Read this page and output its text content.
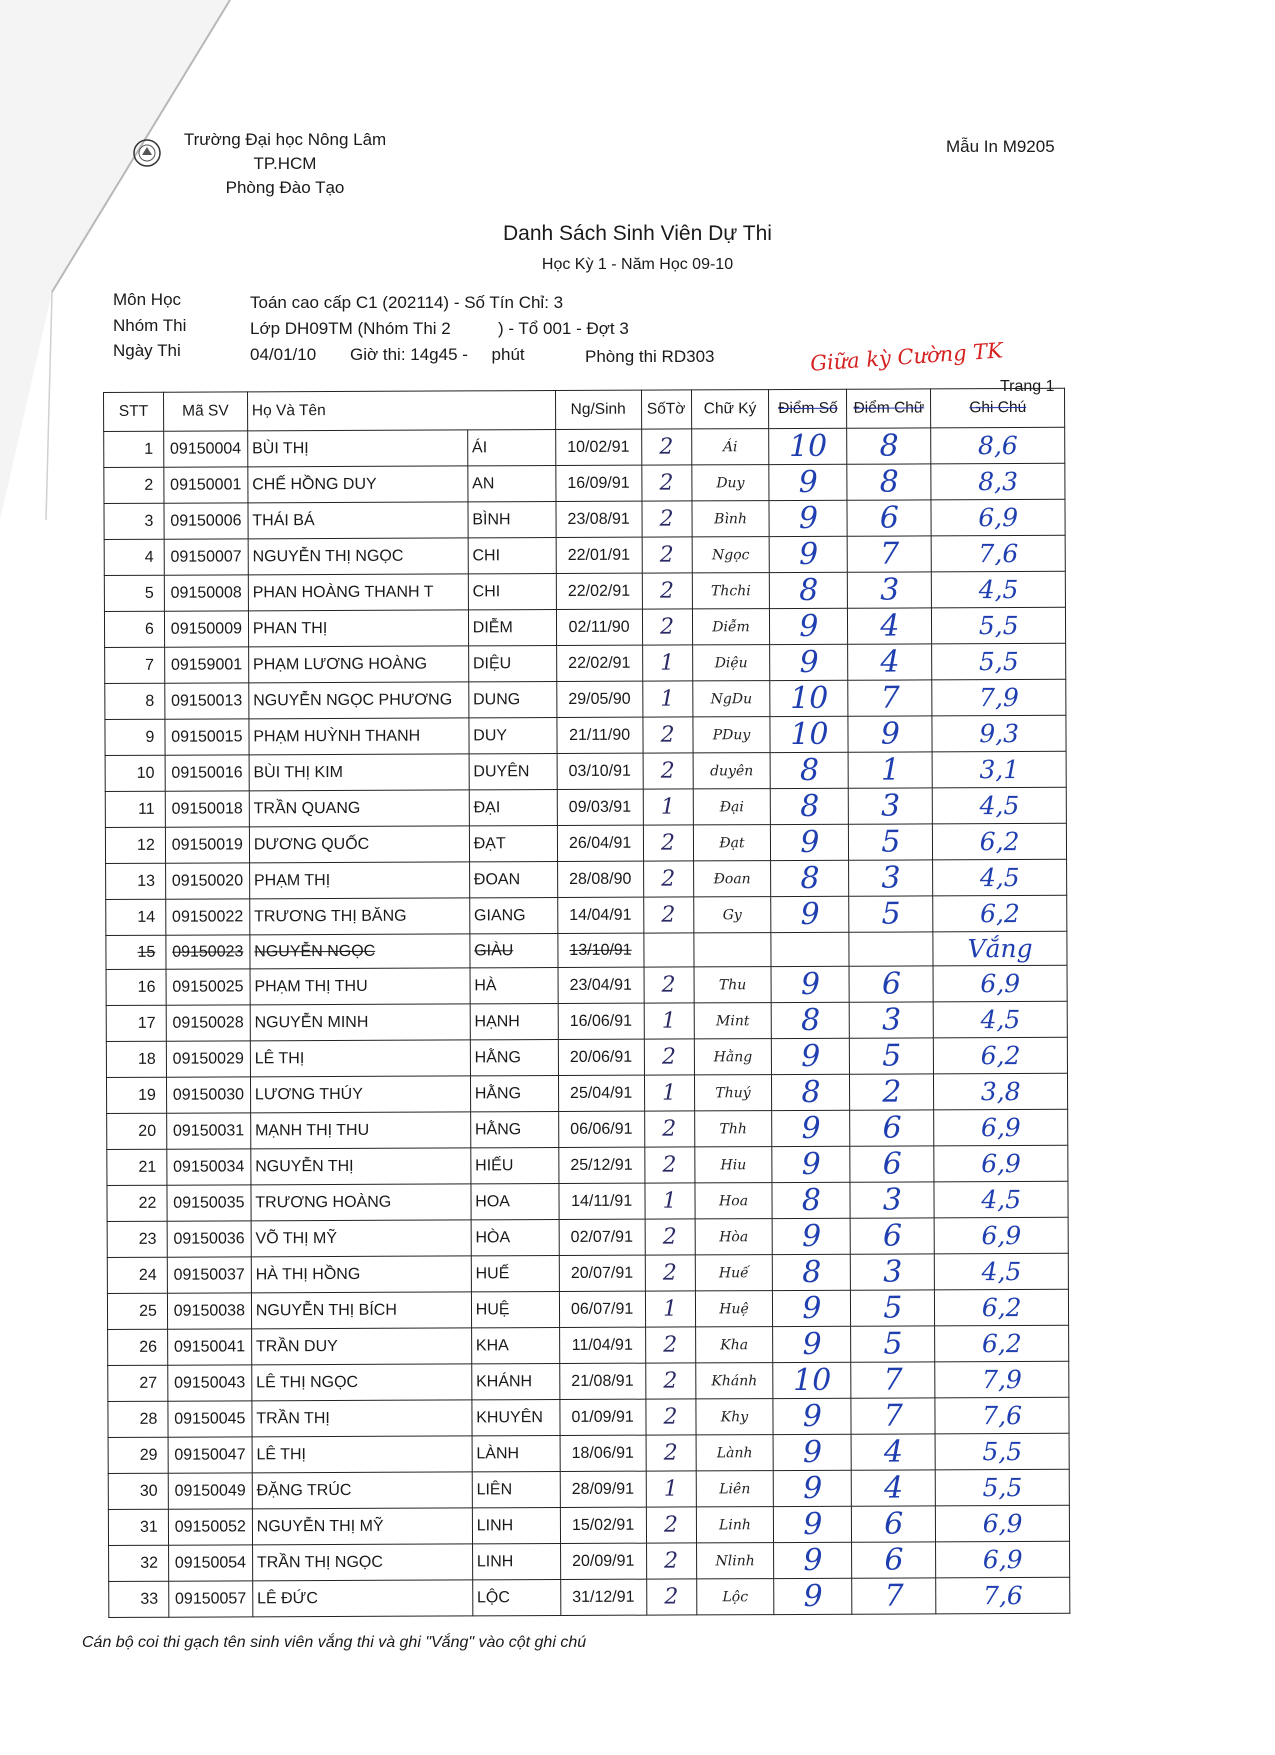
Trường Đại học Nông Lâm
TP.HCM
Phòng Đào Tạo
Mẫu In M9205
Danh Sách Sinh Viên Dự Thi
Học Kỳ 1 - Năm Học 09-10
Môn Học	Toán cao cấp C1 (202114) - Số Tín Chỉ: 3
Nhóm Thi	Lớp DH09TM (Nhóm Thi 2          ) - Tổ 001 - Đợt 3
Ngày Thi	04/01/10 Giờ thi: 14g45 -     phút	Phòng thi RD303	Giữa kỳ Cường TK
Trang 1
STT	Mã SV	Họ Và Tên		Ng/Sinh	SốTờ	Chữ Ký	Điểm Số	Điểm Chữ	Ghi Chú
1	09150004	BÙI THỊ	ÁI	10/02/91	2	Ái	10	8	8,6
2	09150001	CHẾ HỒNG DUY	AN	16/09/91	2	Duy	9	8	8,3
3	09150006	THÁI BÁ	BÌNH	23/08/91	2	Bình	9	6	6,9
4	09150007	NGUYỄN THỊ NGỌC	CHI	22/01/91	2	Ngọc	9	7	7,6
5	09150008	PHAN HOÀNG THANH T	CHI	22/02/91	2	Thchi	8	3	4,5
6	09150009	PHAN THỊ	DIỄM	02/11/90	2	Diễm	9	4	5,5
7	09159001	PHẠM LƯƠNG HOÀNG	DIỆU	22/02/91	1	Diệu	9	4	5,5
8	09150013	NGUYỄN NGỌC PHƯƠNG	DUNG	29/05/90	1	NgDu	10	7	7,9
9	09150015	PHẠM HUỲNH THANH	DUY	21/11/90	2	PDuy	10	9	9,3
10	09150016	BÙI THỊ KIM	DUYÊN	03/10/91	2	duyên	8	1	3,1
11	09150018	TRẦN QUANG	ĐẠI	09/03/91	1	Đại	8	3	4,5
12	09150019	DƯƠNG QUỐC	ĐẠT	26/04/91	2	Đạt	9	5	6,2
13	09150020	PHẠM THỊ	ĐOAN	28/08/90	2	Đoan	8	3	4,5
14	09150022	TRƯƠNG THỊ BĂNG	GIANG	14/04/91	2	Gy	9	5	6,2
15	09150023	NGUYỄN NGỌC	GIÀU	13/10/91					Vắng
16	09150025	PHẠM THỊ THU	HÀ	23/04/91	2	Thu	9	6	6,9
17	09150028	NGUYỄN MINH	HẠNH	16/06/91	1	Mint	8	3	4,5
18	09150029	LÊ THỊ	HẰNG	20/06/91	2	Hằng	9	5	6,2
19	09150030	LƯƠNG THÚY	HẰNG	25/04/91	1	Thuý	8	2	3,8
20	09150031	MẠNH THỊ THU	HẰNG	06/06/91	2	Thh	9	6	6,9
21	09150034	NGUYỄN THỊ	HIẾU	25/12/91	2	Hiu	9	6	6,9
22	09150035	TRƯƠNG HOÀNG	HOA	14/11/91	1	Hoa	8	3	4,5
23	09150036	VÕ THỊ MỸ	HÒA	02/07/91	2	Hòa	9	6	6,9
24	09150037	HÀ THỊ HỒNG	HUẾ	20/07/91	2	Huế	8	3	4,5
25	09150038	NGUYỄN THỊ BÍCH	HUỆ	06/07/91	1	Huệ	9	5	6,2
26	09150041	TRẦN DUY	KHA	11/04/91	2	Kha	9	5	6,2
27	09150043	LÊ THỊ NGỌC	KHÁNH	21/08/91	2	Khánh	10	7	7,9
28	09150045	TRẦN THỊ	KHUYÊN	01/09/91	2	Khy	9	7	7,6
29	09150047	LÊ THỊ	LÀNH	18/06/91	2	Lành	9	4	5,5
30	09150049	ĐẶNG TRÚC	LIÊN	28/09/91	1	Liên	9	4	5,5
31	09150052	NGUYỄN THỊ MỸ	LINH	15/02/91	2	Linh	9	6	6,9
32	09150054	TRẦN THỊ NGỌC	LINH	20/09/91	2	Nlinh	9	6	6,9
33	09150057	LÊ ĐỨC	LỘC	31/12/91	2	Lộc	9	7	7,6
Cán bộ coi thi gạch tên sinh viên vắng thi và ghi "Vắng" vào cột ghi chú
